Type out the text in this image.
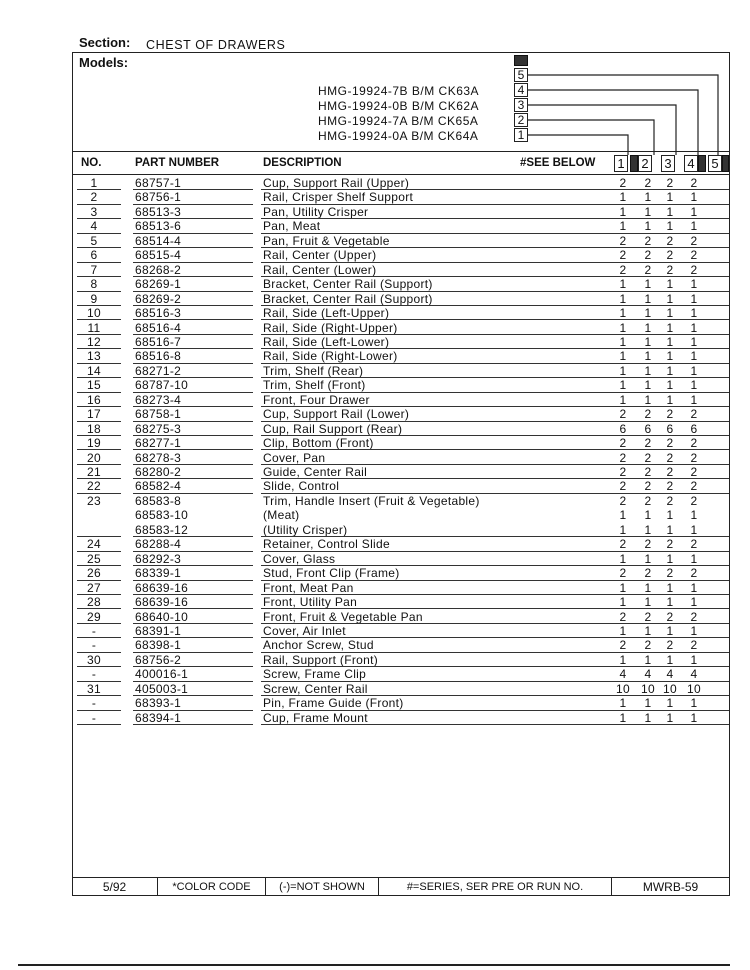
Section: CHEST OF DRAWERS
Models:
HMG-19924-7B B/M CK63A
HMG-19924-0B B/M CK62A
HMG-19924-7A B/M CK65A
HMG-19924-0A B/M CK64A
5
4
3
2
1
NO.	PART NUMBER	DESCRIPTION	#SEE BELOW 1 2 3 4 5
1	68757-1	Cup, Support Rail (Upper)	2	2	2	2
2	68756-1	Rail, Crisper Shelf Support	1	1	1	1
3	68513-3	Pan, Utility Crisper	1	1	1	1
4	68513-6	Pan, Meat	1	1	1	1
5	68514-4	Pan, Fruit & Vegetable	2	2	2	2
6	68515-4	Rail, Center (Upper)	2	2	2	2
7	68268-2	Rail, Center (Lower)	2	2	2	2
8	68269-1	Bracket, Center Rail (Support)	1	1	1	1
9	68269-2	Bracket, Center Rail (Support)	1	1	1	1
10	68516-3	Rail, Side (Left-Upper)	1	1	1	1
11	68516-4	Rail, Side (Right-Upper)	1	1	1	1
12	68516-7	Rail, Side (Left-Lower)	1	1	1	1
13	68516-8	Rail, Side (Right-Lower)	1	1	1	1
14	68271-2	Trim, Shelf (Rear)	1	1	1	1
15	68787-10	Trim, Shelf (Front)	1	1	1	1
16	68273-4	Front, Four Drawer	1	1	1	1
17	68758-1	Cup, Support Rail (Lower)	2	2	2	2
18	68275-3	Cup, Rail Support (Rear)	6	6	6	6
19	68277-1	Clip, Bottom (Front)	2	2	2	2
20	68278-3	Cover, Pan	2	2	2	2
21	68280-2	Guide, Center Rail	2	2	2	2
22	68582-4	Slide, Control	2	2	2	2
23	68583-8	Trim, Handle Insert (Fruit & Vegetable)	2	2	2	2
68583-10	(Meat)	1	1	1	1
68583-12	(Utility Crisper)	1	1	1	1
24	68288-4	Retainer, Control Slide	2	2	2	2
25	68292-3	Cover, Glass	1	1	1	1
26	68339-1	Stud, Front Clip (Frame)	2	2	2	2
27	68639-16	Front, Meat Pan	1	1	1	1
28	68639-16	Front, Utility Pan	1	1	1	1
29	68640-10	Front, Fruit & Vegetable Pan	2	2	2	2
-	68391-1	Cover, Air Inlet	1	1	1	1
-	68398-1	Anchor Screw, Stud	2	2	2	2
30	68756-2	Rail, Support (Front)	1	1	1	1
-	400016-1	Screw, Frame Clip	4	4	4	4
31	405003-1	Screw, Center Rail	10 10 10 10
-	68393-1	Pin, Frame Guide (Front)	1	1	1	1
-	68394-1	Cup, Frame Mount	1	1	1	1
5/92	*COLOR CODE	(-)=NOT SHOWN	#=SERIES, SER PRE OR RUN NO.	MWRB-59
